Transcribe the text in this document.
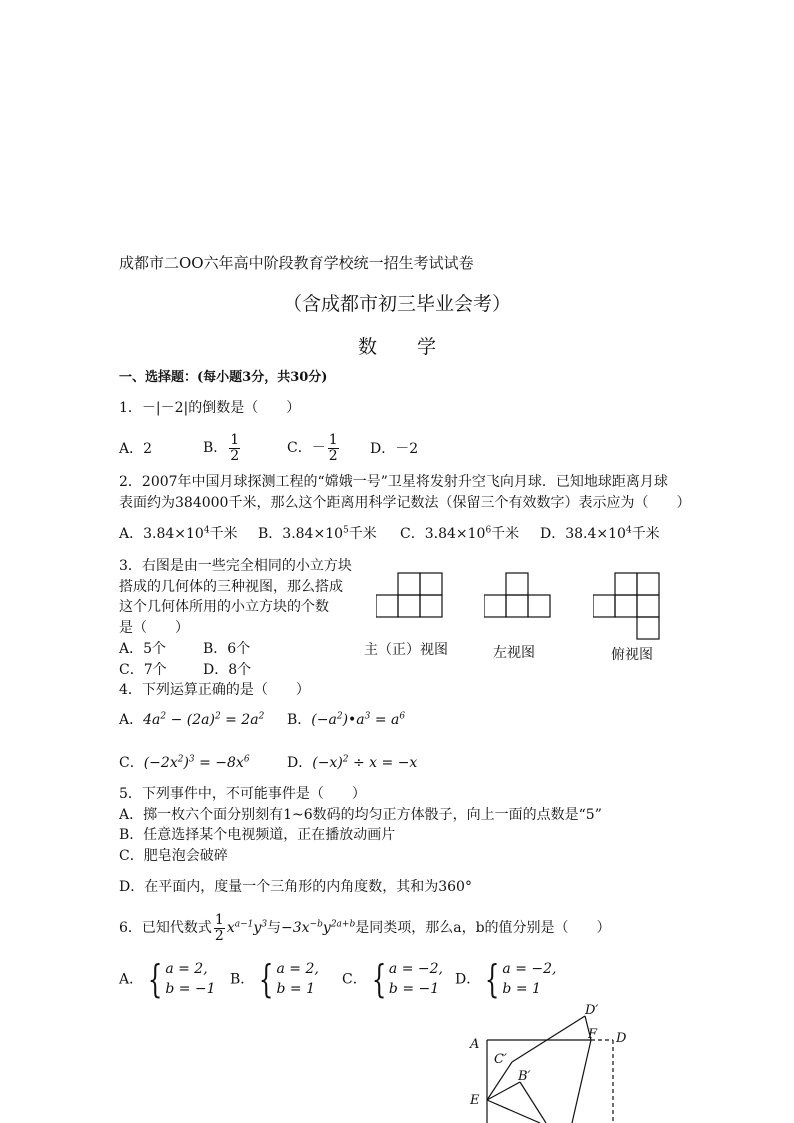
成都市二OO六年高中阶段教育学校统一招生考试试卷
（含成都市初三毕业会考）
数学
一、选择题：(每小题3分，共30分)
1．－|－2|的倒数是（　　）
A．2	B． $\frac{1}{2}$	C．－ $\frac{1}{2}$ D．－2
2．2007年中国月球探测工程的“嫦娥一号”卫星将发射升空飞向月球．已知地球距离月球
表面约为384000千米，那么这个距离用科学记数法（保留三个有效数字）表示应为（　　）
A．$3.84\times 10^4$千米 B．$3.84\times 10^5$千米 C．$3.84\times 10^6$千米 D．$38.4\times 10^4$千米
3．右图是由一些完全相同的小立方块
搭成的几何体的三种视图，那么搭成
这个几何体所用的小立方块的个数
是（　　）
A．5个	B．6个
C．7个	D．8个
主（正）视图	左视图	俯视图
4．下列运算正确的是（　　）
A．$4a^2 - (2a)^2 = 2a^2$ B．$(-a^2)•a^3 = a^6$
C．$(-2x^2)^3 = -8x^6$	D．$(-x)^2 \div x = -x$
5．下列事件中，不可能事件是（　　）
A．掷一枚六个面分别刻有1~6数码的均匀正方体骰子，向上一面的点数是“5”
B．任意选择某个电视频道，正在播放动画片
C．肥皂泡会破碎
D．在平面内，度量一个三角形的内角度数，其和为360°
6．已知代数式 $\frac{1}{2} x^{a-1}y^3$与$-3x^{-b}y^{2a+b}$是同类项，那么a，b的值分别是（　　）
A． { a = 2,
b = −1
B． { a = 2,
b = 1
C． { a = −2,
b = −1
D． { a = −2,
b = 1
A
C′
B′
E
D′
F D
